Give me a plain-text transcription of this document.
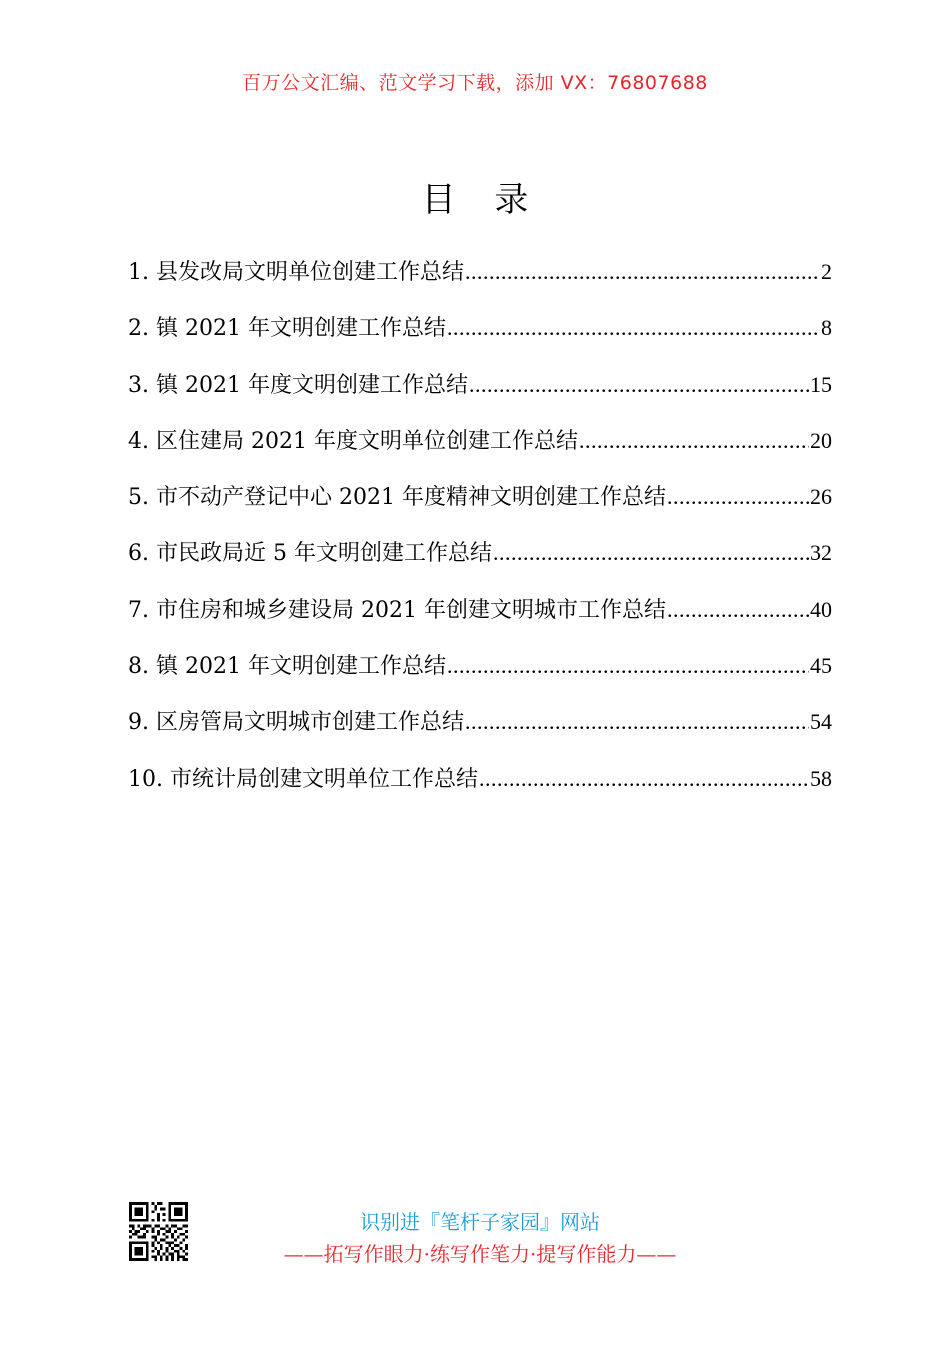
百万公文汇编、范文学习下载，添加 VX：76807688
目 录
1. 县发改局文明单位创建工作总结 .....	2
2. 镇 2021 年文明创建工作总结 .....	8
3. 镇 2021 年度文明创建工作总结 .....	15
4. 区住建局 2021 年度文明单位创建工作总结 .....	20
5. 市不动产登记中心 2021 年度精神文明创建工作总结 .....	26
6. 市民政局近 5 年文明创建工作总结 .....	32
7. 市住房和城乡建设局 2021 年创建文明城市工作总结 .....	40
8. 镇 2021 年文明创建工作总结 .....	45
9. 区房管局文明城市创建工作总结 .....	54
10. 市统计局创建文明单位工作总结 .....	58
识别进『笔杆子家园』网站
——拓写作眼力·练写作笔力·提写作能力——
